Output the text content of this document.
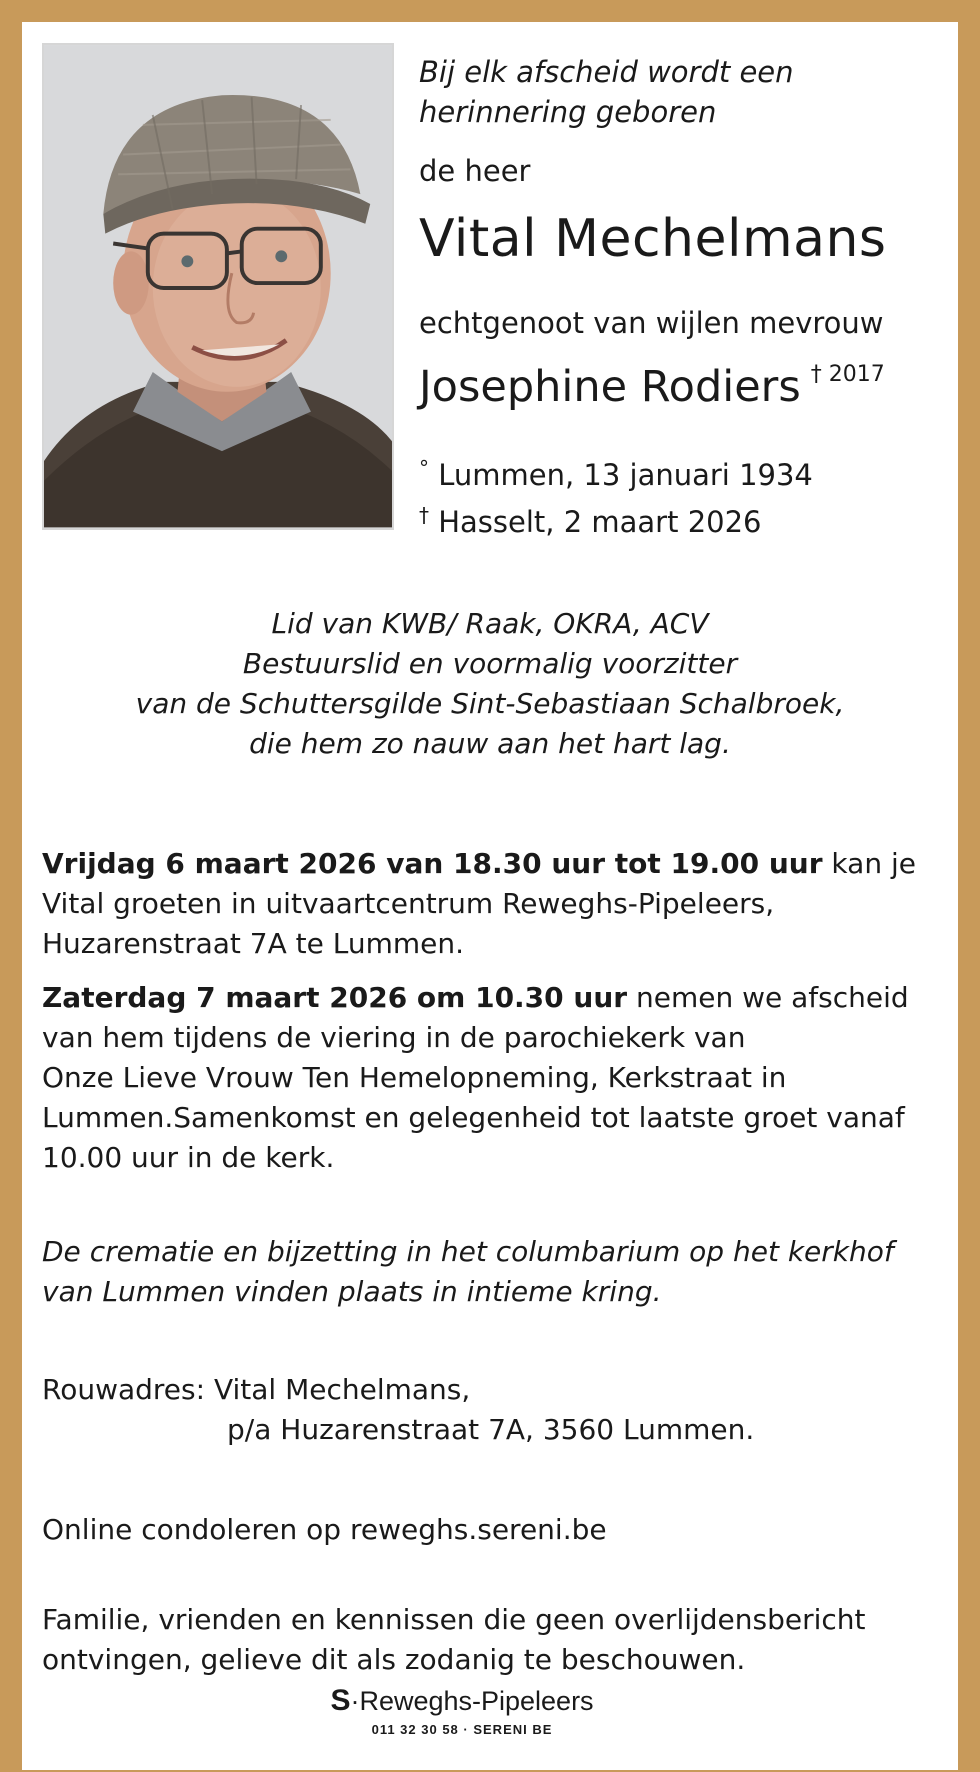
Bij elk afscheid wordt een
herinnering geboren

de heer

Vital Mechelmans

echtgenoot van wijlen mevrouw

Josephine Rodiers $^{\dagger 2017}$

° Lummen, 13 januari 1934
† Hasselt, 2 maart 2026
Lid van KWB/ Raak, OKRA, ACV
Bestuurslid en voormalig voorzitter
van de Schuttersgilde Sint-Sebastiaan Schalbroek,
die hem zo nauw aan het hart lag.
Vrijdag 6 maart 2026 van 18.30 uur tot 19.00 uur kan je
Vital groeten in uitvaartcentrum Reweghs-Pipeleers,
Huzarenstraat 7A te Lummen.
Zaterdag 7 maart 2026 om 10.30 uur nemen we afscheid
van hem tijdens de viering in de parochiekerk van
Onze Lieve Vrouw Ten Hemelopneming, Kerkstraat in
Lummen.Samenkomst en gelegenheid tot laatste groet vanaf
10.00 uur in de kerk.
De crematie en bijzetting in het columbarium op het kerkhof
van Lummen vinden plaats in intieme kring.
Rouwadres: Vital Mechelmans,
p/a Huzarenstraat 7A, 3560 Lummen.
Online condoleren op reweghs.sereni.be
Familie, vrienden en kennissen die geen overlijdensbericht
ontvingen, gelieve dit als zodanig te beschouwen.
S·Reweghs-Pipeleers
011 32 30 58 · SERENI BE
